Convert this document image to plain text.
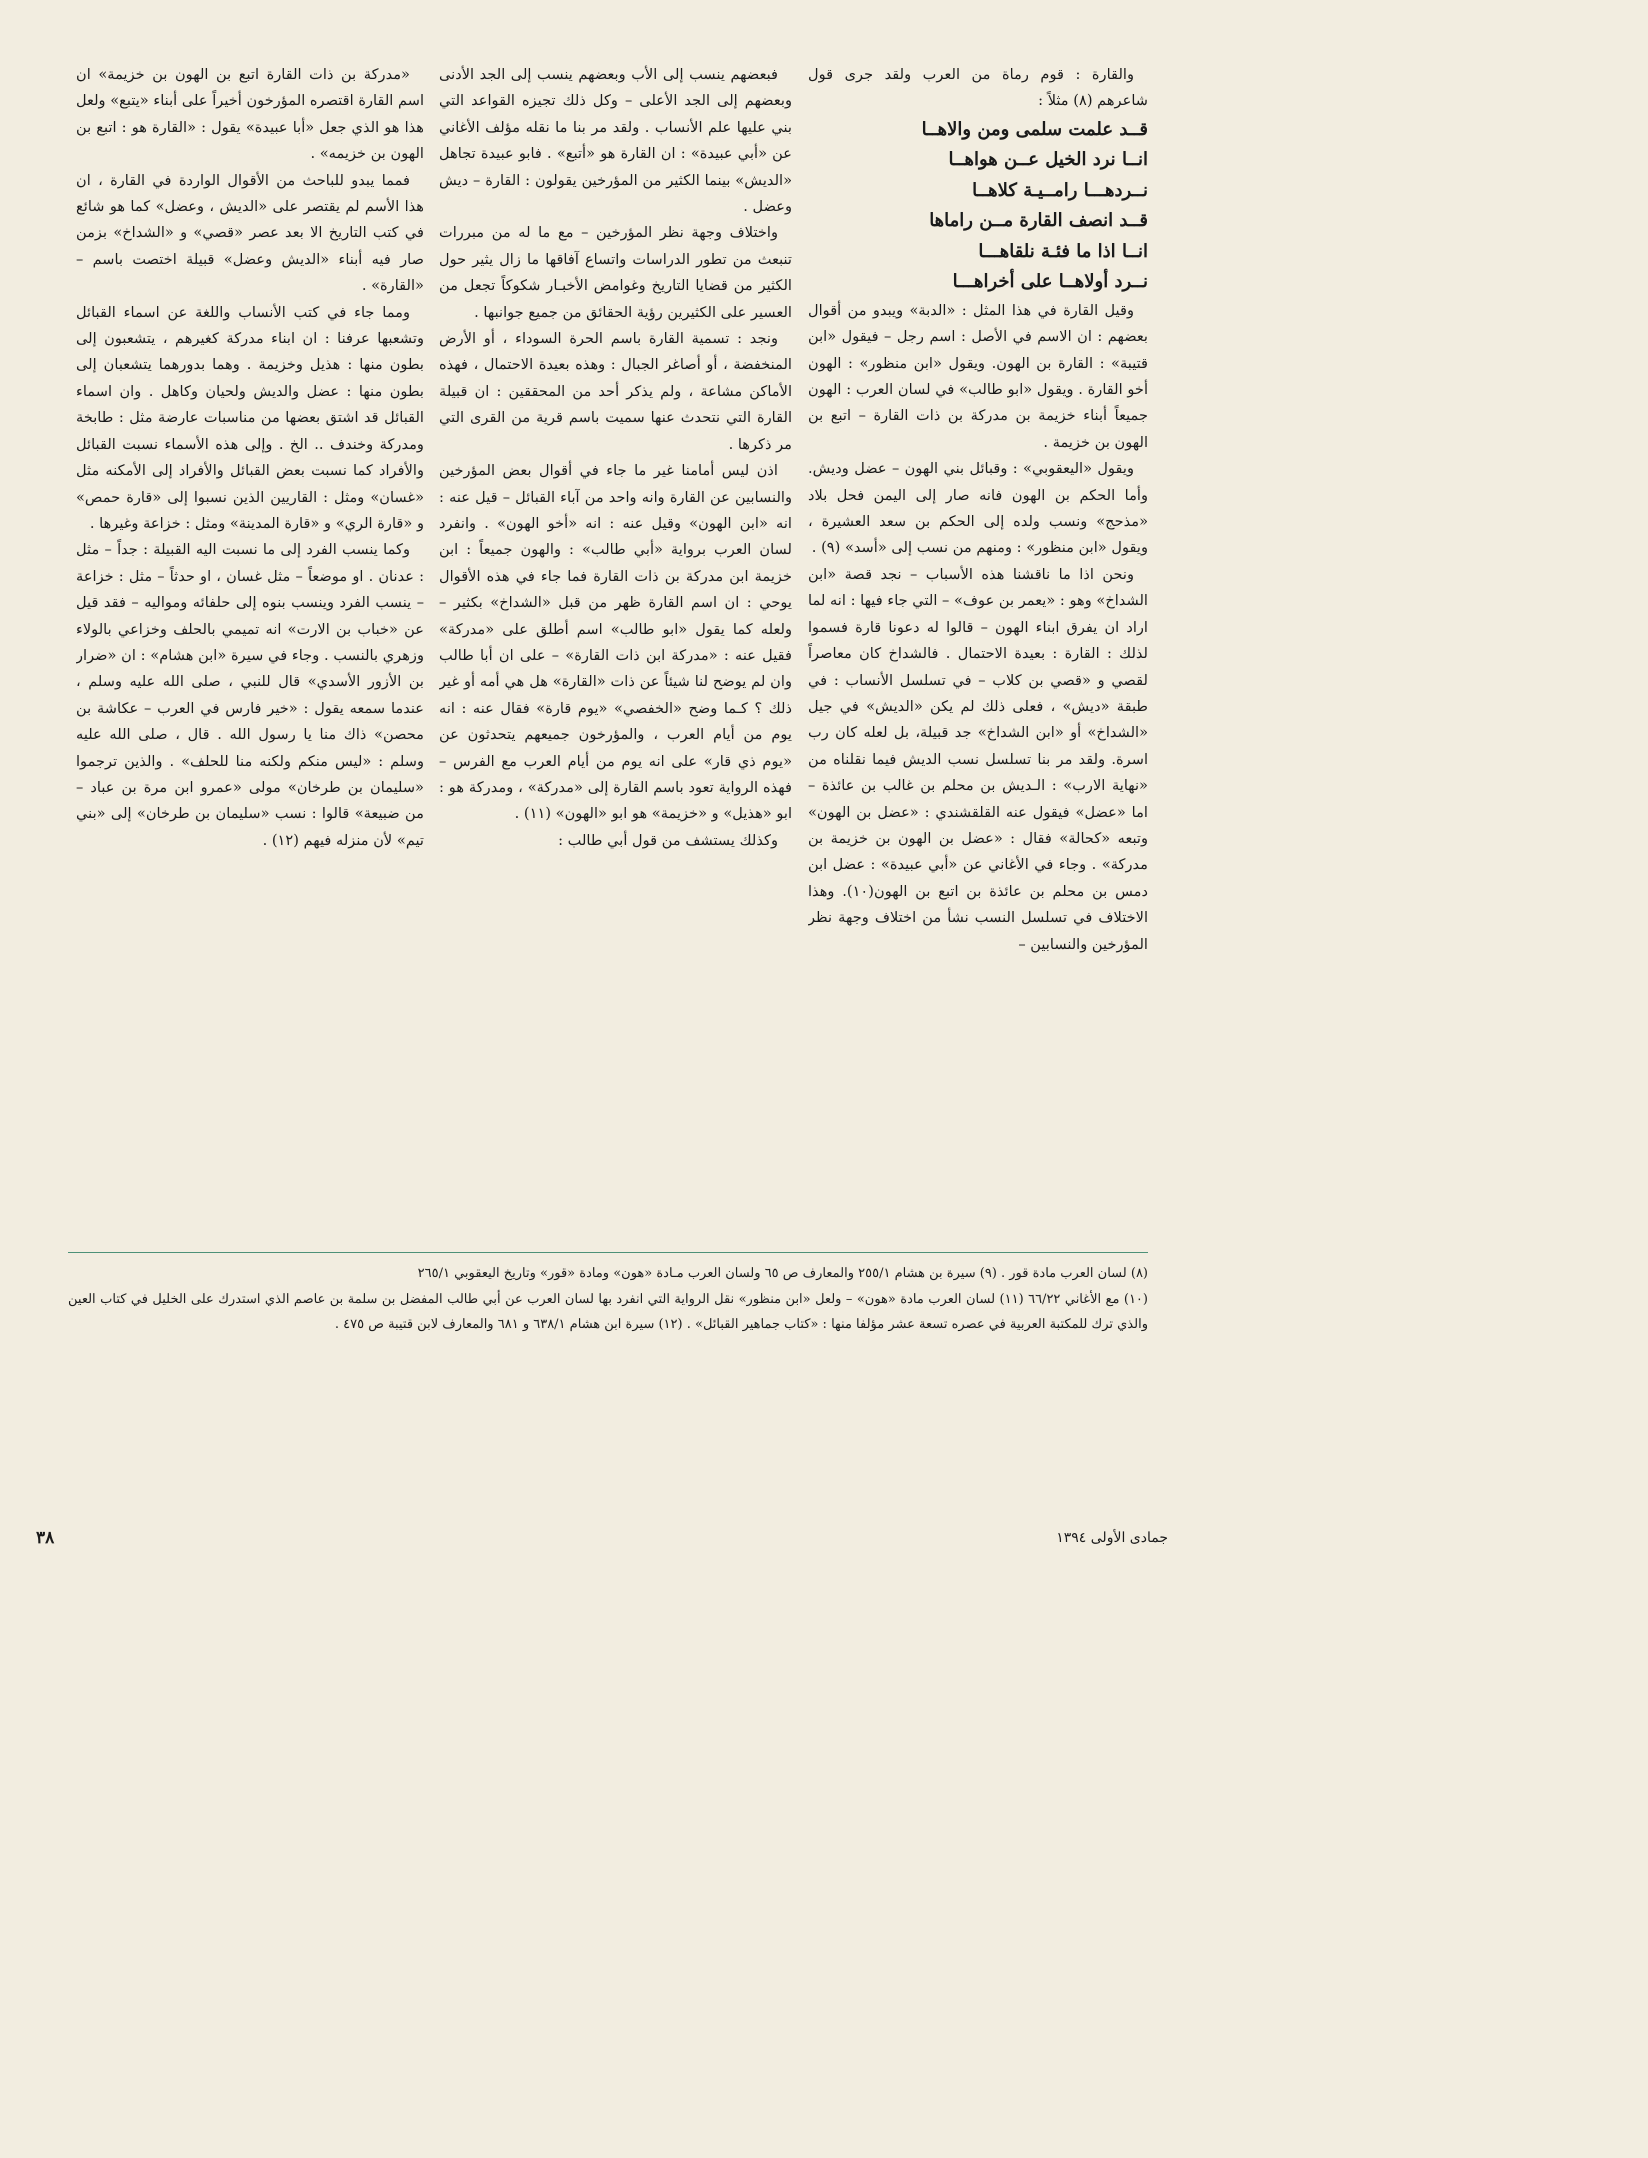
والقارة : قوم رماة من العرب ولقد جرى قول شاعرهم (٨) مثلاً :

قــد علمت سلمى ومن والاهــا
انــا نرد الخيل عــن هواهــا
نــردهـــا رامــيـة كلاهــا
قــد انصف القارة مــن راماها
انــا اذا ما فئـة نلقاهـــا
نــرد أولاهــا على أخراهـــا

وقيل القارة في هذا المثل : «الدبة» ويبدو من أقوال بعضهم : ان الاسم في الأصل : اسم رجل – فيقول «ابن قتيبة» : القارة بن الهون. ويقول «ابن منظور» : الهون أخو القارة . ويقول «ابو طالب» في لسان العرب : الهون جميعاً أبناء خزيمة بن مدركة بن ذات القارة – اتبع بن الهون بن خزيمة .

ويقول «اليعقوبي» : وقبائل بني الهون – عضل وديش. وأما الحكم بن الهون فانه صار إلى اليمن فحل بلاد «مذحج» ونسب ولده إلى الحكم بن سعد العشيرة ، ويقول «ابن منظور» : ومنهم من نسب إلى «أسد» (٩) .

ونحن اذا ما ناقشنا هذه الأسباب – نجد قصة «ابن الشداخ» وهو : «يعمر بن عوف» – التي جاء فيها : انه لما اراد ان يفرق ابناء الهون – قالوا له دعونا قارة فسموا لذلك : القارة : بعيدة الاحتمال . فالشداخ كان معاصراً لقصي و «قصي بن كلاب – في تسلسل الأنساب : في طبقة «ديش» ، فعلى ذلك لم يكن «الديش» في جيل «الشداخ» أو «ابن الشداخ» جد قبيلة، بل لعله كان رب اسرة. ولقد مر بنا تسلسل نسب الديش فيما نقلناه من «نهاية الارب» : الـديش بن محلم بن غالب بن عائذة – اما «عضل» فيقول عنه القلقشندي : «عضل بن الهون» وتبعه «كحالة» فقال : «عضل بن الهون بن خزيمة بن مدركة» . وجاء في الأغاني عن «أبي عبيدة» : عضل ابن دمس بن محلم بن عائذة بن اتبع بن الهون(١٠). وهذا الاختلاف في تسلسل النسب نشأ من اختلاف وجهة نظر المؤرخين والنسابين –

فبعضهم ينسب إلى الأب وبعضهم ينسب إلى الجد الأدنى وبعضهم إلى الجد الأعلى – وكل ذلك تجيزه القواعد التي بني عليها علم الأنساب . ولقد مر بنا ما نقله مؤلف الأغاني عن «أبي عبيدة» : ان القارة هو «أتبع» . فابو عبيدة تجاهل «الديش» بينما الكثير من المؤرخين يقولون : القارة – ديش وعضل .

واختلاف وجهة نظر المؤرخين – مع ما له من مبررات تنبعث من تطور الدراسات واتساع آفاقها ما زال يثير حول الكثير من قضايا التاريخ وغوامض الأخبـار شكوكاً تجعل من العسير على الكثيرين رؤية الحقائق من جميع جوانبها .

ونجد : تسمية القارة باسم الحرة السوداء ، أو الأرض المنخفضة ، أو أصاغر الجبال : وهذه بعيدة الاحتمال ، فهذه الأماكن مشاعة ، ولم يذكر أحد من المحققين : ان قبيلة القارة التي نتحدث عنها سميت باسم قرية من القرى التي مر ذكرها .

اذن ليس أمامنا غير ما جاء في أقوال بعض المؤرخين والنسابين عن القارة وانه واحد من آباء القبائل – قيل عنه : انه «ابن الهون» وقيل عنه : انه «أخو الهون» . وانفرد لسان العرب برواية «أبي طالب» : والهون جميعاً : ابن خزيمة ابن مدركة بن ذات القارة فما جاء في هذه الأقوال يوحي : ان اسم القارة ظهر من قبل «الشداخ» بكثير – ولعله كما يقول «ابو طالب» اسم أطلق على «مدركة» فقيل عنه : «مدركة ابن ذات القارة» – على ان أبا طالب وان لم يوضح لنا شيئاً عن ذات «القارة» هل هي أمه أو غير ذلك ؟ كـما وضح «الخفصي» «يوم قارة» فقال عنه : انه يوم من أيام العرب ، والمؤرخون جميعهم يتحدثون عن «يوم ذي قار» على انه يوم من أيام العرب مع الفرس – فهذه الرواية تعود باسم القارة إلى «مدركة» ، ومدركة هو : ابو «هذيل» و «خزيمة» هو ابو «الهون» (١١) .

وكذلك يستشف من قول أبي طالب :

«مدركة بن ذات القارة اتبع بن الهون بن خزيمة» ان اسم القارة اقتصره المؤرخون أخيراً على أبناء «يتبع» ولعل هذا هو الذي جعل «أبا عبيدة» يقول : «القارة هو : اتبع بن الهون بن خزيمه» .

فمما يبدو للباحث من الأقوال الواردة في القارة ، ان هذا الأسم لم يقتصر على «الديش ، وعضل» كما هو شائع في كتب التاريخ الا بعد عصر «قصي» و «الشداخ» بزمن صار فيه أبناء «الديش وعضل» قبيلة اختصت باسم – «القارة» .

ومما جاء في كتب الأنساب واللغة عن اسماء القبائل وتشعبها عرفنا : ان ابناء مدركة كغيرهم ، يتشعبون إلى بطون منها : هذيل وخزيمة . وهما بدورهما يتشعبان إلى بطون منها : عضل والديش ولحيان وكاهل . وان اسماء القبائل قد اشتق بعضها من مناسبات عارضة مثل : طابخة ومدركة وخندف .. الخ . وإلى هذه الأسماء نسبت القبائل والأفراد كما نسبت بعض القبائل والأفراد إلى الأمكنه مثل «غسان» ومثل : القاريين الذين نسبوا إلى «قارة حمص» و «قارة الري» و «قارة المدينة» ومثل : خزاعة وغيرها .

وكما ينسب الفرد إلى ما نسبت اليه القبيلة : جداً – مثل : عدنان . او موضعاً – مثل غسان ، او حدثاً – مثل : خزاعة – ينسب الفرد وينسب بنوه إلى حلفائه ومواليه – فقد قيل عن «خباب بن الارت» انه تميمي بالحلف وخزاعي بالولاء وزهري بالنسب . وجاء في سيرة «ابن هشام» : ان «ضرار بن الأزور الأسدي» قال للنبي ، صلى الله عليه وسلم ، عندما سمعه يقول : «خير فارس في العرب – عكاشة بن محصن» ذاك منا يا رسول الله . قال ، صلى الله عليه وسلم : «ليس منكم ولكنه منا للحلف» . والذين ترجموا «سليمان بن طرخان» مولى «عمرو ابن مرة بن عباد – من ضبيعة» قالوا : نسب «سليمان بن طرخان» إلى «بني تيم» لأن منزله فيهم (١٢) .

(٨) لسان العرب مادة قور . (٩) سيرة بن هشام ٢٥٥/١ والمعارف ص ٦٥ ولسان العرب مـادة «هون» ومادة «قور» وتاريخ اليعقوبي ٢٦٥/١

(١٠) مع الأغاني ٦٦/٢٢ (١١) لسان العرب مادة «هون» – ولعل «ابن منظور» نقل الرواية التي انفرد بها لسان العرب عن أبي طالب المفضل بن سلمة بن عاصم الذي استدرك على الخليل في كتاب العين والذي ترك للمكتبة العربية في عصره تسعة عشر مؤلفا منها : «كتاب جماهير القبائل» . (١٢) سيرة ابن هشام ٦٣٨/١ و ٦٨١ والمعارف لابن قتيبة ص ٤٧٥ .

جمادى الأولى ١٣٩٤
٣٨
